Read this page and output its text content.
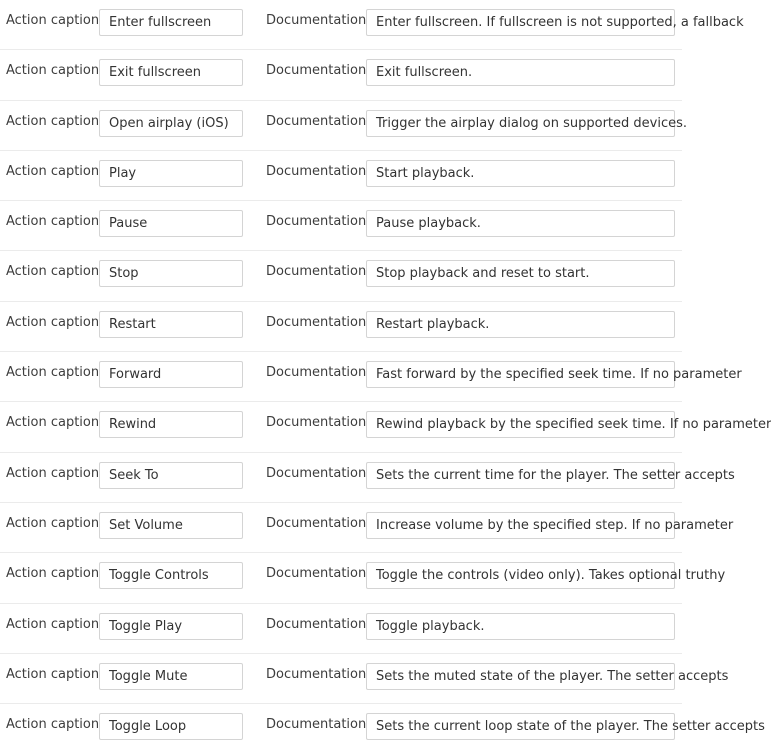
Action caption Enter fullscreen	Documentation Enter fullscreen. If fullscreen is not supported, a fallback
Action caption Exit fullscreen	Documentation Exit fullscreen.
Action caption Open airplay (iOS)	Documentation Trigger the airplay dialog on supported devices.
Action caption Play	Documentation Start playback.
Action caption Pause	Documentation Pause playback.
Action caption Stop	Documentation Stop playback and reset to start.
Action caption Restart	Documentation Restart playback.
Action caption Forward	Documentation Fast forward by the specified seek time. If no parameter
Action caption Rewind	Documentation Rewind playback by the specified seek time. If no parameter
Action caption Seek To	Documentation Sets the current time for the player. The setter accepts
Action caption Set Volume	Documentation Increase volume by the specified step. If no parameter
Action caption Toggle Controls	Documentation Toggle the controls (video only). Takes optional truthy
Action caption Toggle Play	Documentation Toggle playback.
Action caption Toggle Mute	Documentation Sets the muted state of the player. The setter accepts
Action caption Toggle Loop	Documentation Sets the current loop state of the player. The setter accepts
